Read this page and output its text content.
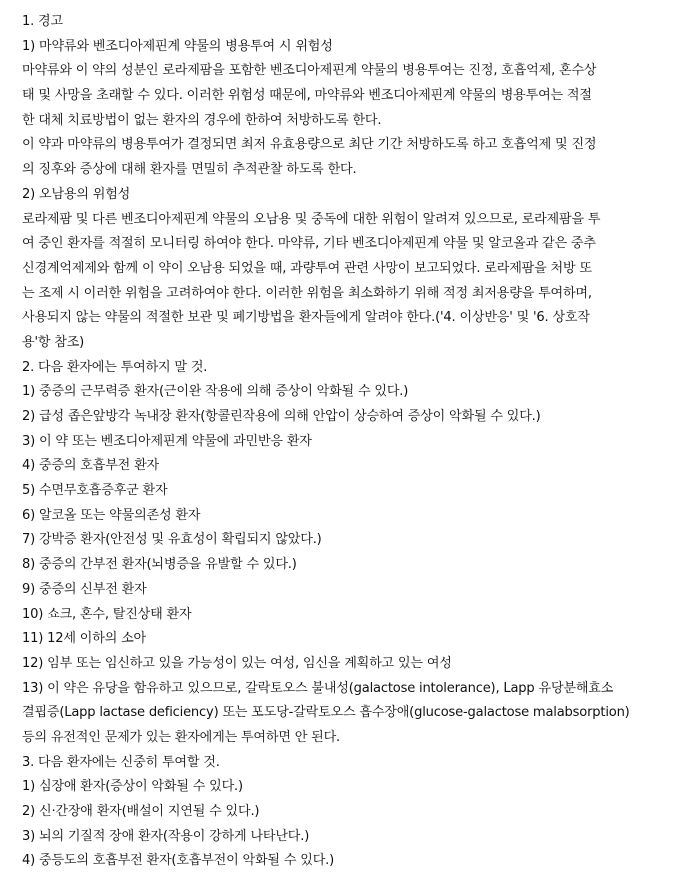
1. 경고
1) 마약류와 벤조디아제핀계 약물의 병용투여 시 위험성
마약류와 이 약의 성분인 로라제팜을 포함한 벤조디아제핀계 약물의 병용투여는 진정, 호흡억제, 혼수상
태 및 사망을 초래할 수 있다. 이러한 위험성 때문에, 마약류와 벤조디아제핀계 약물의 병용투여는 적절
한 대체 치료방법이 없는 환자의 경우에 한하여 처방하도록 한다.
이 약과 마약류의 병용투여가 결정되면 최저 유효용량으로 최단 기간 처방하도록 하고 호흡억제 및 진정
의 징후와 증상에 대해 환자를 면밀히 추적관찰 하도록 한다.
2) 오남용의 위험성
로라제팜 및 다른 벤조디아제핀계 약물의 오남용 및 중독에 대한 위험이 알려져 있으므로, 로라제팜을 투
여 중인 환자를 적절히 모니터링 하여야 한다. 마약류, 기타 벤조디아제핀계 약물 및 알코올과 같은 중추
신경계억제제와 함께 이 약이 오남용 되었을 때, 과량투여 관련 사망이 보고되었다. 로라제팜을 처방 또
는 조제 시 이러한 위험을 고려하여야 한다. 이러한 위험을 최소화하기 위해 적정 최저용량을 투여하며,
사용되지 않는 약물의 적절한 보관 및 폐기방법을 환자들에게 알려야 한다.('4. 이상반응' 및 '6. 상호작
용'항 참조)
2. 다음 환자에는 투여하지 말 것.
1) 중증의 근무력증 환자(근이완 작용에 의해 증상이 악화될 수 있다.)
2) 급성 좁은앞방각 녹내장 환자(항콜린작용에 의해 안압이 상승하여 증상이 악화될 수 있다.)
3) 이 약 또는 벤조디아제핀계 약물에 과민반응 환자
4) 중증의 호흡부전 환자
5) 수면무호흡증후군 환자
6) 알코올 또는 약물의존성 환자
7) 강박증 환자(안전성 및 유효성이 확립되지 않았다.)
8) 중증의 간부전 환자(뇌병증을 유발할 수 있다.)
9) 중증의 신부전 환자
10) 쇼크, 혼수, 탈진상태 환자
11) 12세 이하의 소아
12) 임부 또는 임신하고 있을 가능성이 있는 여성, 임신을 계획하고 있는 여성
13) 이 약은 유당을 함유하고 있으므로, 갈락토오스 불내성(galactose intolerance), Lapp 유당분해효소
결핍증(Lapp lactase deficiency) 또는 포도당-갈락토오스 흡수장애(glucose-galactose malabsorption)
등의 유전적인 문제가 있는 환자에게는 투여하면 안 된다.
3. 다음 환자에는 신중히 투여할 것.
1) 심장애 환자(증상이 악화될 수 있다.)
2) 신·간장애 환자(배설이 지연될 수 있다.)
3) 뇌의 기질적 장애 환자(작용이 강하게 나타난다.)
4) 중등도의 호흡부전 환자(호흡부전이 악화될 수 있다.)
